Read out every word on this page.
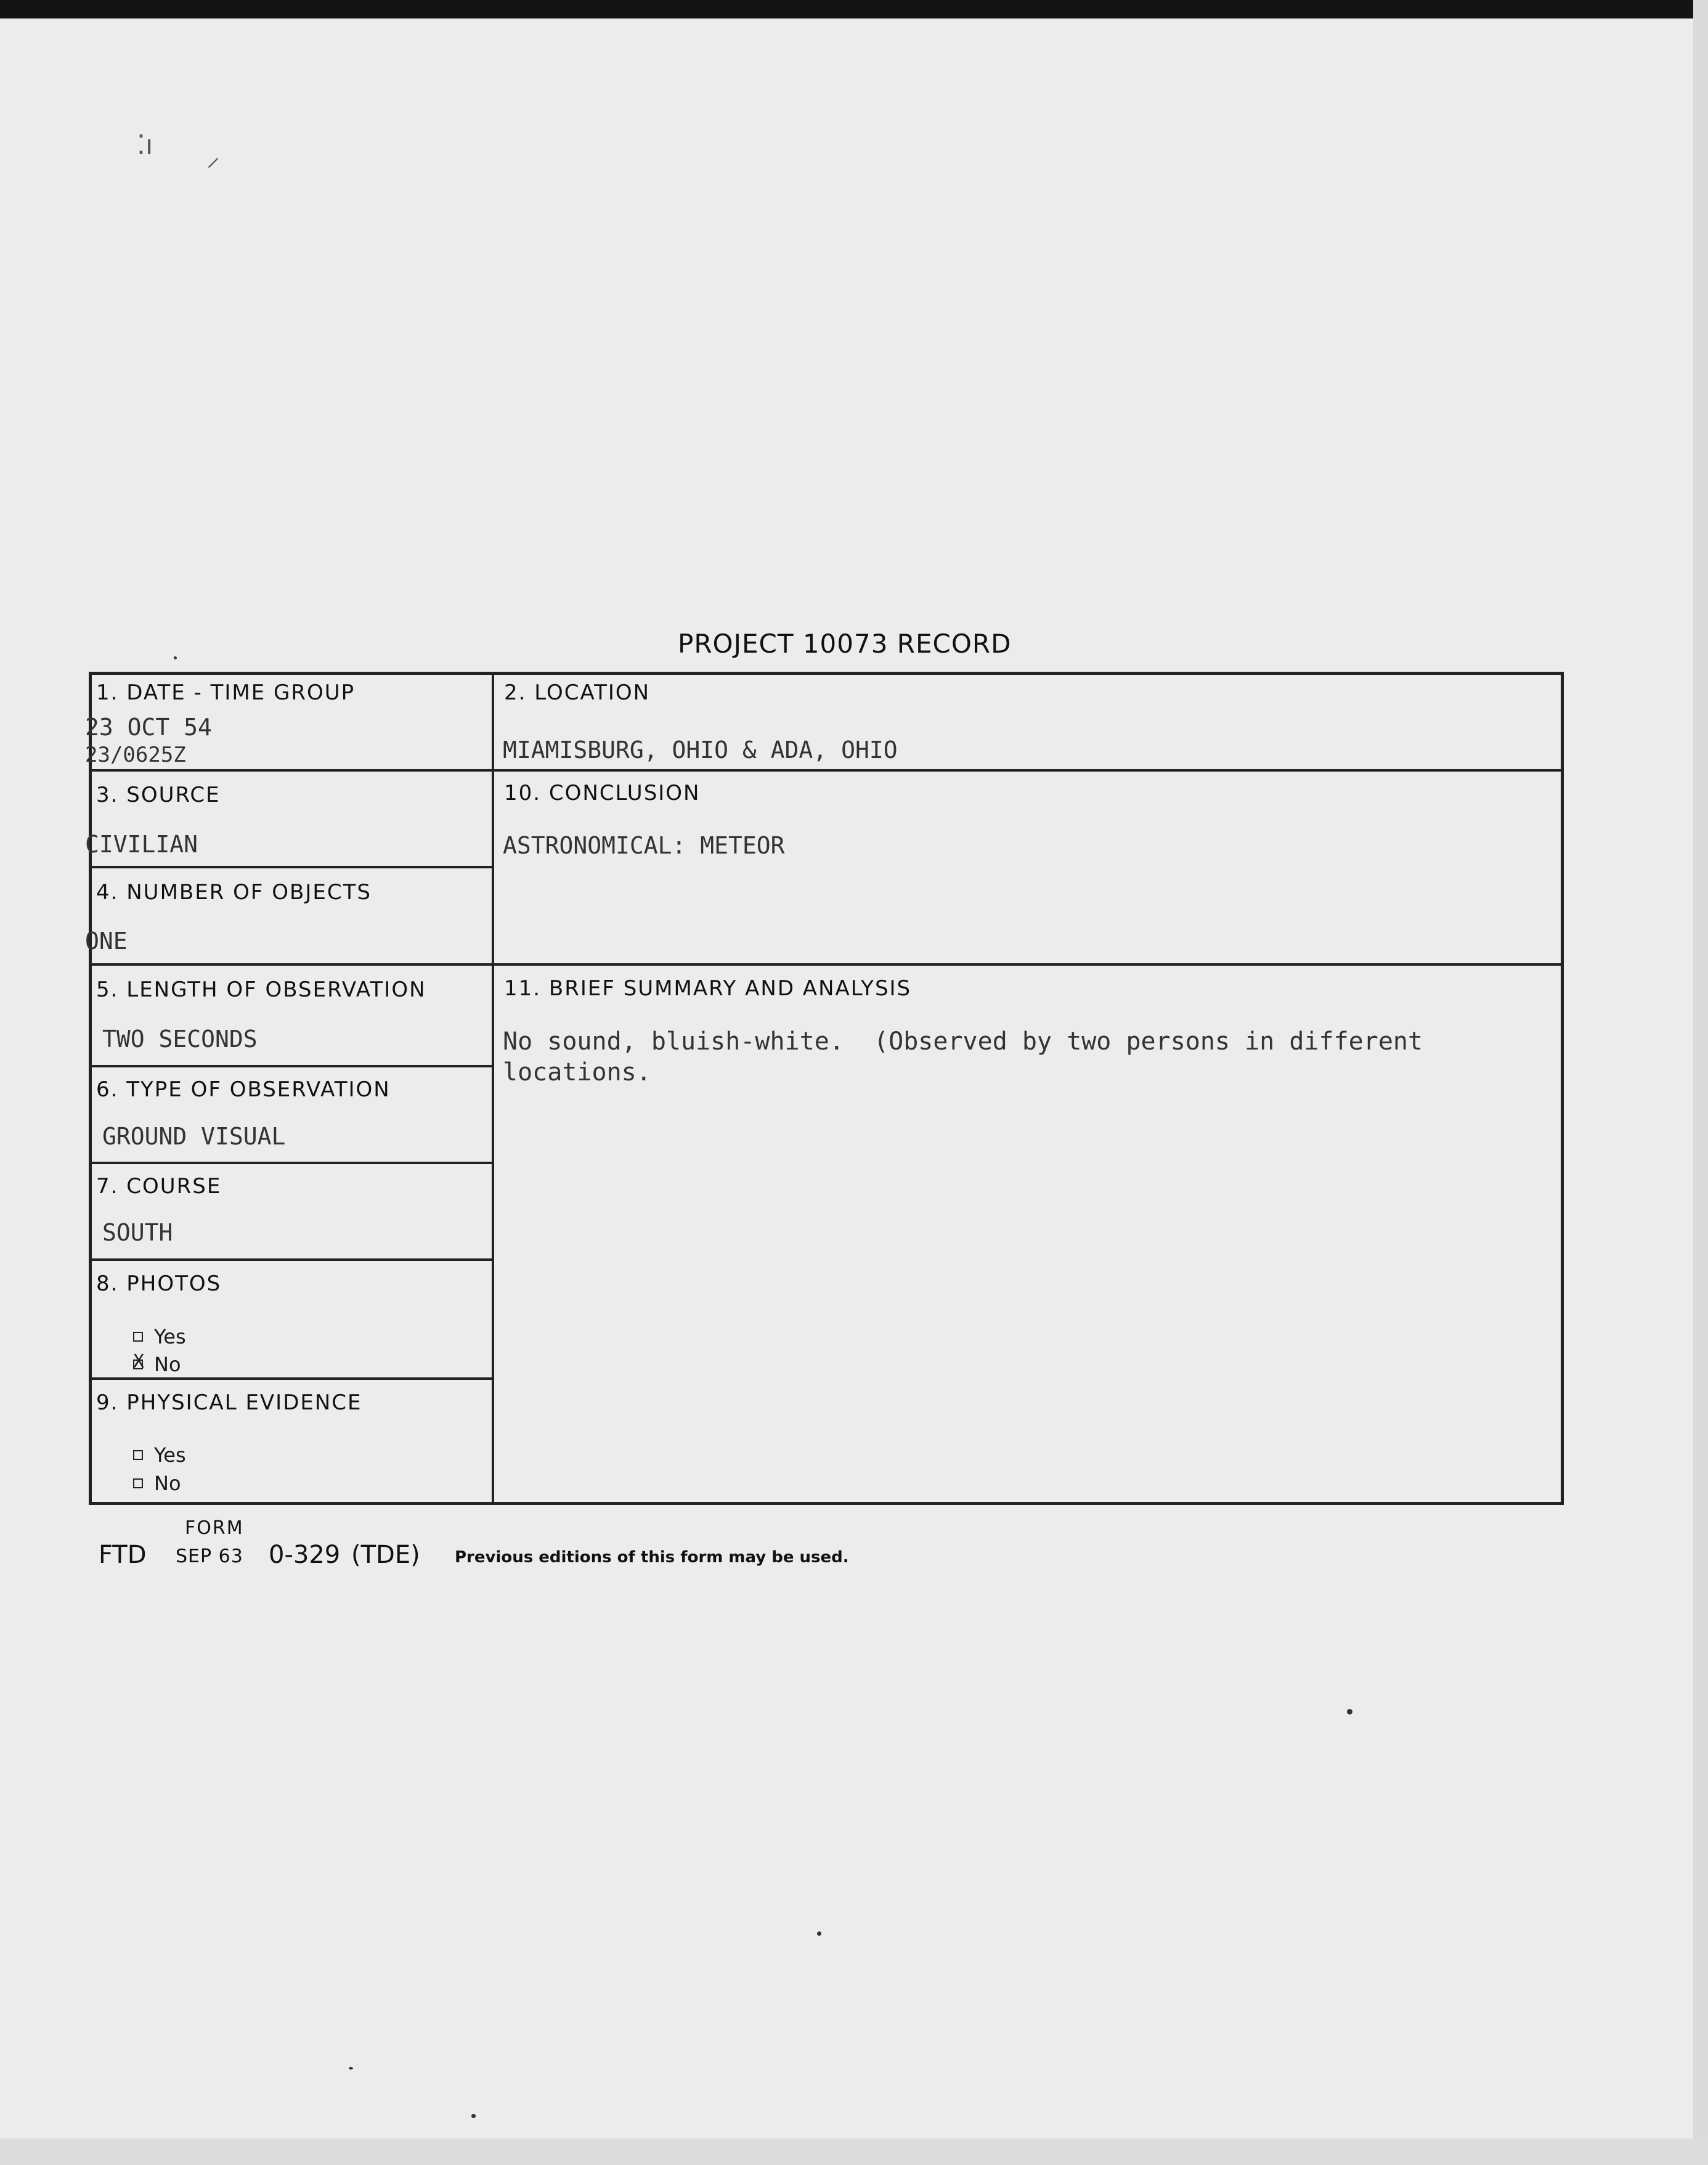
⁚ı ⸝
PROJECT 10073 RECORD
1. DATE - TIME GROUP
23 OCT 54
23/0625Z
2. LOCATION
MIAMISBURG, OHIO & ADA, OHIO
3. SOURCE
CIVILIAN
10. CONCLUSION
ASTRONOMICAL: METEOR
4. NUMBER OF OBJECTS
ONE
5. LENGTH OF OBSERVATION
TWO SECONDS
11. BRIEF SUMMARY AND ANALYSIS
No sound, bluish-white.  (Observed by two persons in different locations.
6. TYPE OF OBSERVATION
GROUND VISUAL
7. COURSE
SOUTH
8. PHOTOS
Yes
X
No
9. PHYSICAL EVIDENCE
Yes
No
FORM
FTD SEP 63 0-329 (TDE) Previous editions of this form may be used.
